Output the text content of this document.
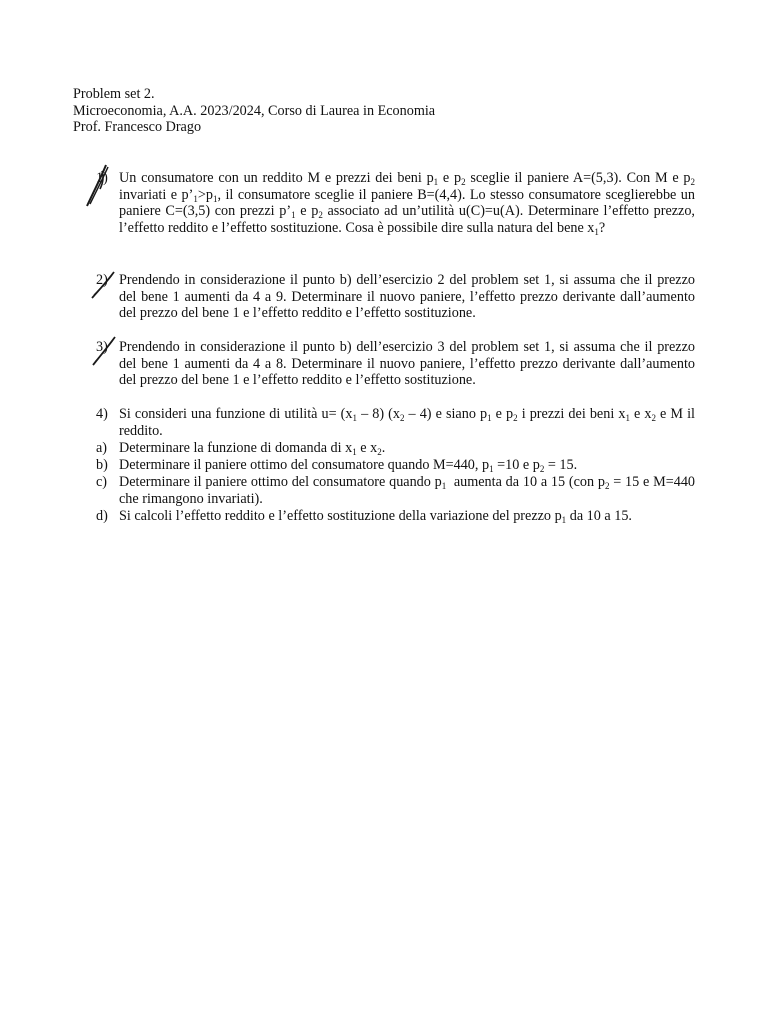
Problem set 2.
Microeconomia, A.A. 2023/2024, Corso di Laurea in Economia
Prof. Francesco Drago
1) Un consumatore con un reddito M e prezzi dei beni $p_1$ e $p_2$ sceglie il paniere A=(5,3). Con M e $p_2$ invariati e $p’_1>p_1$, il consumatore sceglie il paniere B=(4,4). Lo stesso consumatore sceglierebbe un paniere C=(3,5) con prezzi $p’_1$ e $p_2$ associato ad un’utilità u(C)=u(A). Determinare l’effetto prezzo, l’effetto reddito e l’effetto sostituzione. Cosa è possibile dire sulla natura del bene $x_1$?
2) Prendendo in considerazione il punto b) dell’esercizio 2 del problem set 1, si assuma che il prezzo del bene 1 aumenti da 4 a 9. Determinare il nuovo paniere, l’effetto prezzo derivante dall’aumento del prezzo del bene 1 e l’effetto reddito e l’effetto sostituzione.
3) Prendendo in considerazione il punto b) dell’esercizio 3 del problem set 1, si assuma che il prezzo del bene 1 aumenti da 4 a 8. Determinare il nuovo paniere, l’effetto prezzo derivante dall’aumento del prezzo del bene 1 e l’effetto reddito e l’effetto sostituzione.
4) Si consideri una funzione di utilità $u= (x_1 - 8)$ $(x_2 - 4)$ e siano $p_1$ e $p_2$ i prezzi dei beni $x_1$ e $x_2$ e M il reddito.
a) Determinare la funzione di domanda di $x_1$ e $x_2$.
b) Determinare il paniere ottimo del consumatore quando M=440, $p_1 =10$ e $p_2 = 15$.
c) Determinare il paniere ottimo del consumatore quando $p_1$  aumenta da 10 a 15 (con $p_2 = 15$ e M=440 che rimangono invariati).
d) Si calcoli l’effetto reddito e l’effetto sostituzione della variazione del prezzo $p_1$ da 10 a 15.
